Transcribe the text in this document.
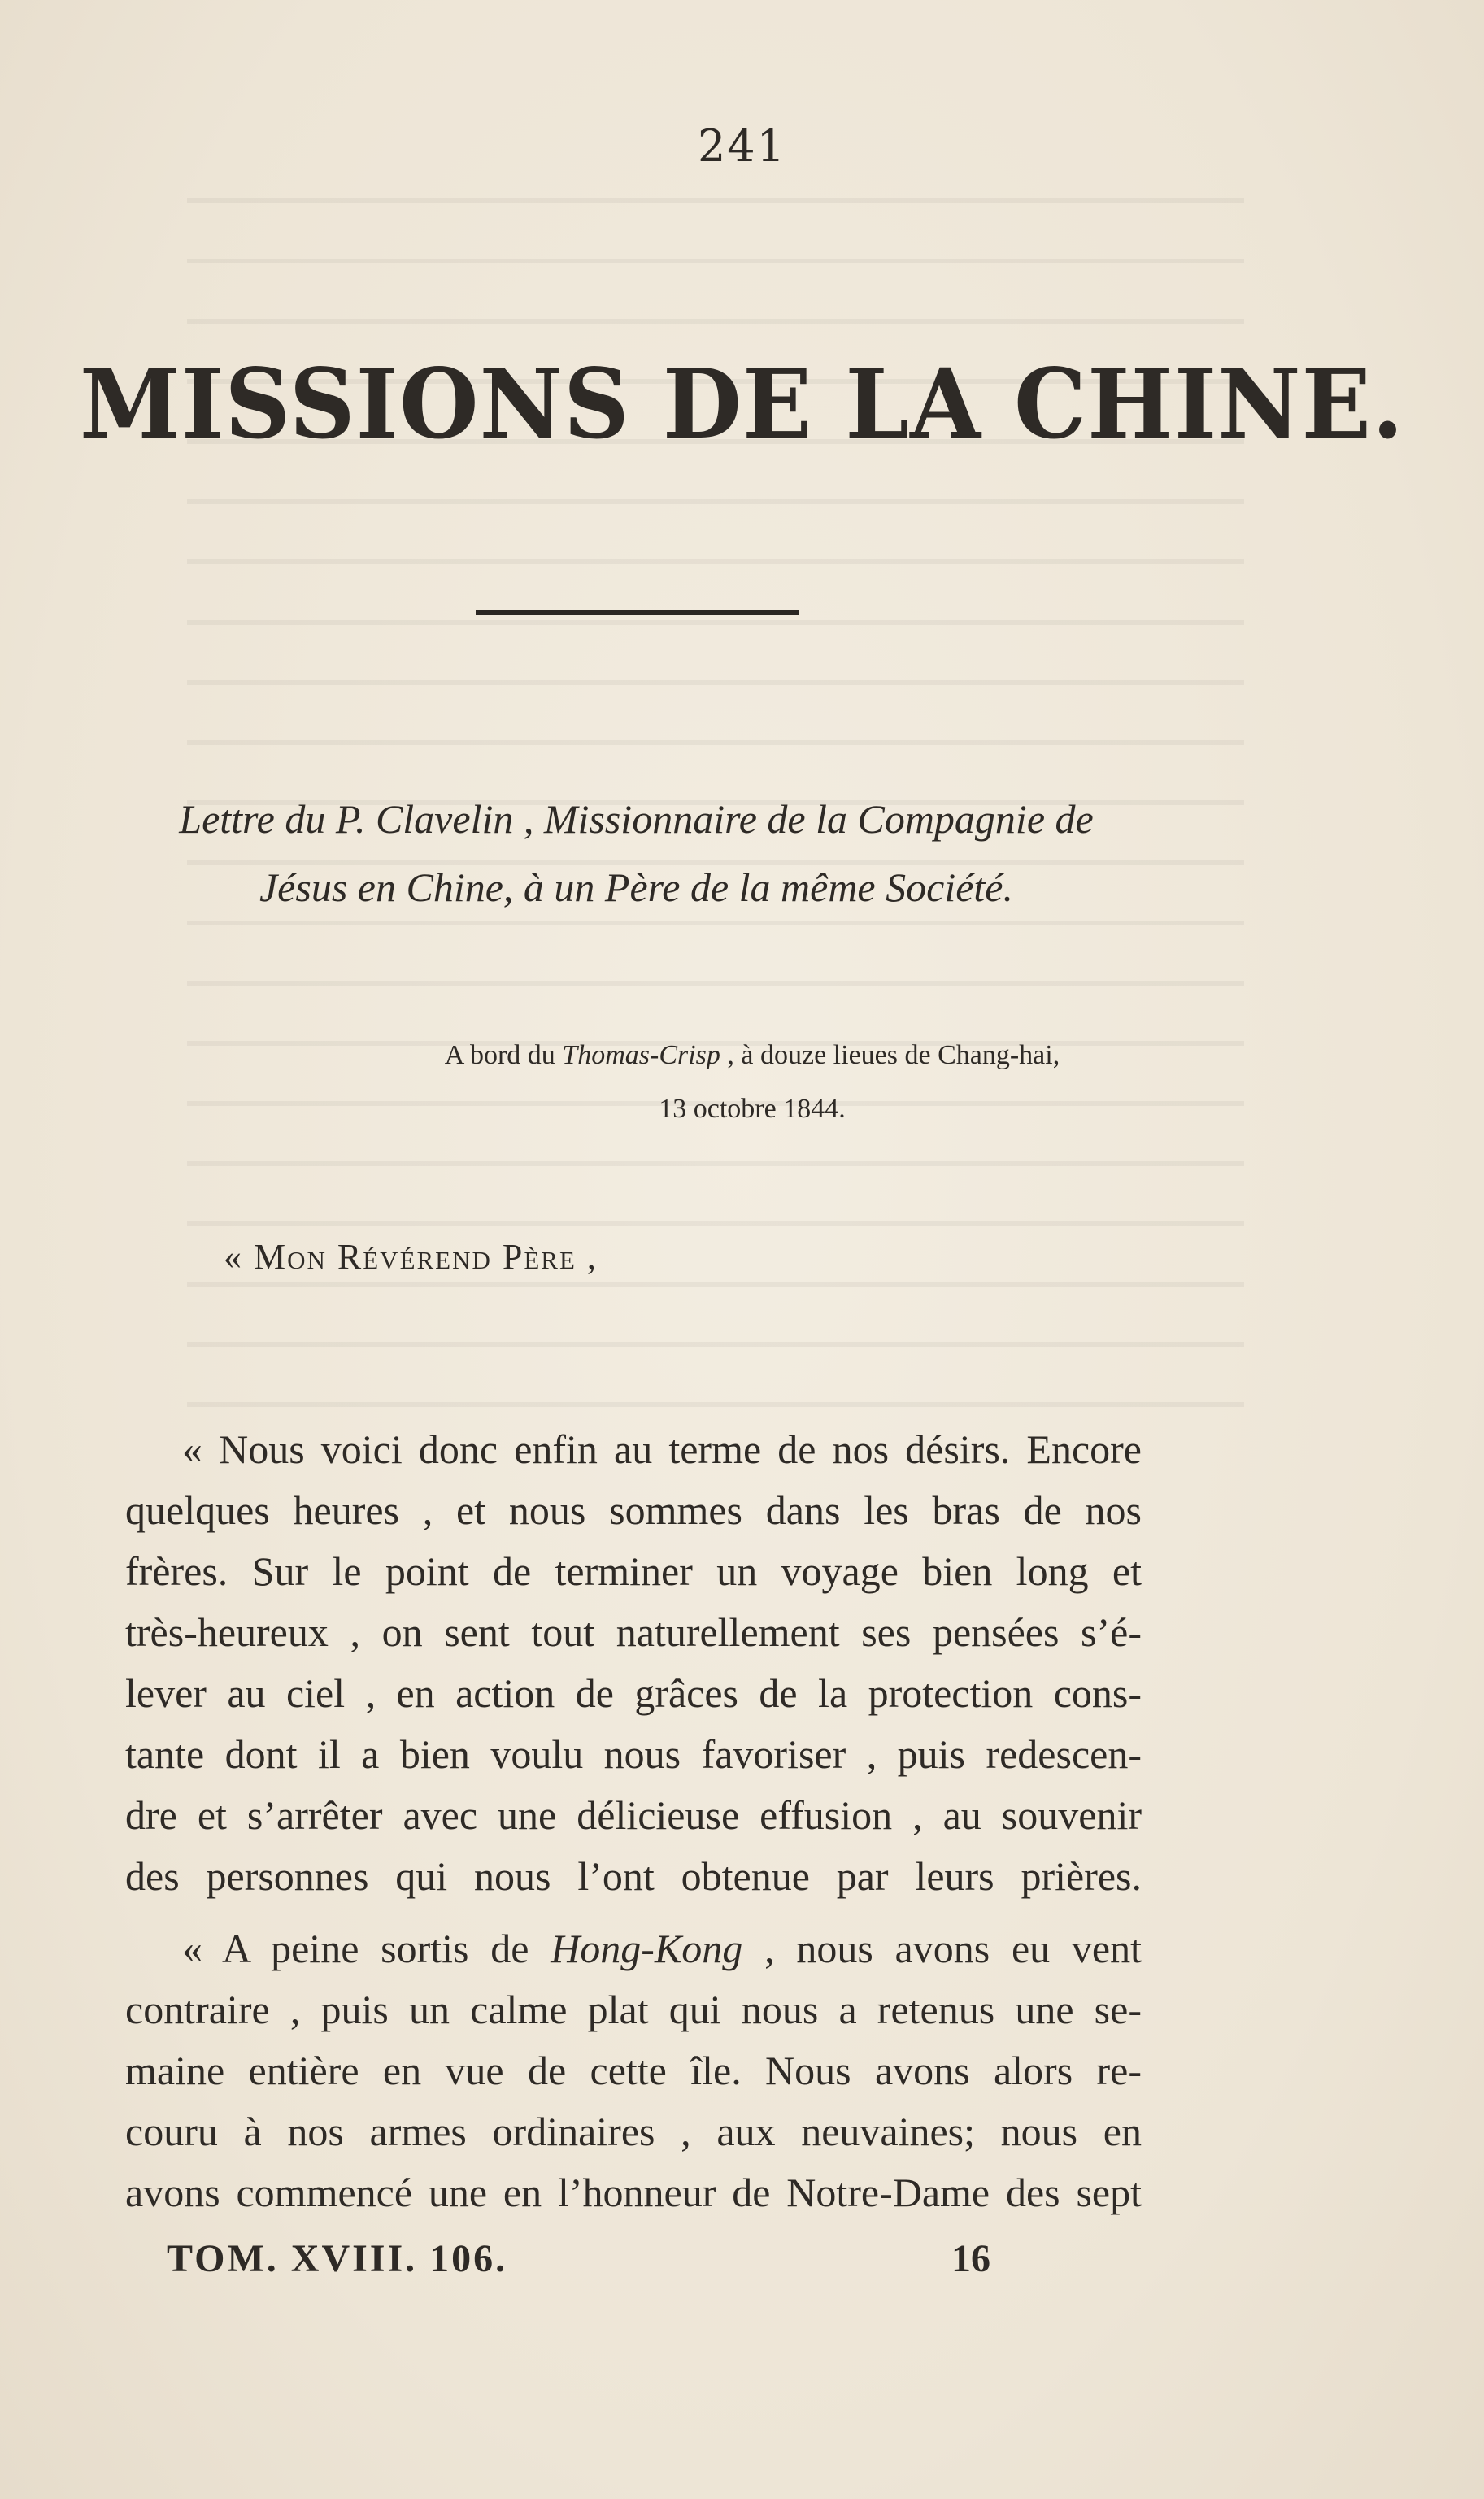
241
MISSIONS DE LA CHINE.
Lettre du P. Clavelin , Missionnaire de la Compagnie de
Jésus en Chine, à un Père de la même Société.
A bord du Thomas-Crisp , à douze lieues de Chang-hai,
13 octobre 1844.
« Mon Révérend Père ,
« Nous voici donc enfin au terme de nos désirs. Encore
quelques heures , et nous sommes dans les bras de nos
frères. Sur le point de terminer un voyage bien long et
très-heureux , on sent tout naturellement ses pensées s’é-
lever au ciel , en action de grâces de la protection cons-
tante dont il a bien voulu nous favoriser , puis redescen-
dre et s’arrêter avec une délicieuse effusion , au souvenir
des personnes qui nous l’ont obtenue par leurs prières.
« A peine sortis de Hong-Kong , nous avons eu vent
contraire , puis un calme plat qui nous a retenus une se-
maine entière en vue de cette île. Nous avons alors re-
couru à nos armes ordinaires , aux neuvaines; nous en
avons commencé une en l’honneur de Notre-Dame des sept
TOM. XVIII. 106.	16
